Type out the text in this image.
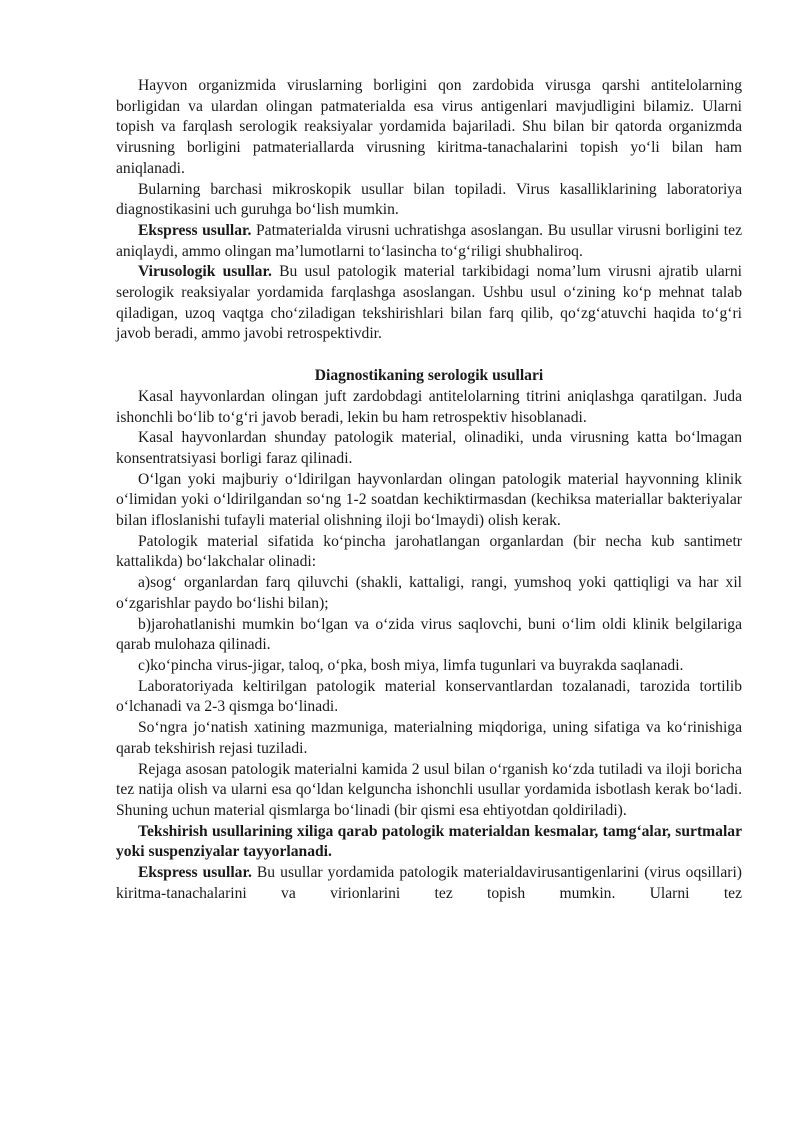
Hayvon organizmida viruslarning borligini qon zardobida virusga qarshi antitelolarning borligidan va ulardan olingan patmaterialda esa virus antigenlari mavjudligini bilamiz. Ularni topish va farqlash serologik reaksiyalar yordamida bajariladi. Shu bilan bir qatorda organizmda virusning borligini patmateriallarda virusning kiritma-tanachalarini topish yo‘li bilan ham aniqlanadi.

Bularning barchasi mikroskopik usullar bilan topiladi. Virus kasalliklarining laboratoriya diagnostikasini uch guruhga bo‘lish mumkin.

Ekspress usullar. Patmaterialda virusni uchratishga asoslangan. Bu usullar virusni borligini tez aniqlaydi, ammo olingan ma’lumotlarni to‘lasincha to‘g‘riligi shubhaliroq.

Virusologik usullar. Bu usul patologik material tarkibidagi noma’lum virusni ajratib ularni serologik reaksiyalar yordamida farqlashga asoslangan. Ushbu usul o‘zining ko‘p mehnat talab qiladigan, uzoq vaqtga cho‘ziladigan tekshirishlari bilan farq qilib, qo‘zg‘atuvchi haqida to‘g‘ri javob beradi, ammo javobi retrospektivdir.

Diagnostikaning serologik usullari

Kasal hayvonlardan olingan juft zardobdagi antitelolarning titrini aniqlashga qaratilgan. Juda ishonchli bo‘lib to‘g‘ri javob beradi, lekin bu ham retrospektiv hisoblanadi.

Kasal hayvonlardan shunday patologik material, olinadiki, unda virusning katta bo‘lmagan konsentratsiyasi borligi faraz qilinadi.

O‘lgan yoki majburiy o‘ldirilgan hayvonlardan olingan patologik material hayvonning klinik o‘limidan yoki o‘ldirilgandan so‘ng 1-2 soatdan kechiktirmasdan (kechiksa materiallar bakteriyalar bilan ifloslanishi tufayli material olishning iloji bo‘lmaydi) olish kerak.

Patologik material sifatida ko‘pincha jarohatlangan organlardan (bir necha kub santimetr kattalikda) bo‘lakchalar olinadi:

a)sog‘ organlardan farq qiluvchi (shakli, kattaligi, rangi, yumshoq yoki qattiqligi va har xil o‘zgarishlar paydo bo‘lishi bilan);

b)jarohatlanishi mumkin bo‘lgan va o‘zida virus saqlovchi, buni o‘lim oldi klinik belgilariga qarab mulohaza qilinadi.

c)ko‘pincha virus-jigar, taloq, o‘pka, bosh miya, limfa tugunlari va buyrakda saqlanadi.

Laboratoriyada keltirilgan patologik material konservantlardan tozalanadi, tarozida tortilib o‘lchanadi va 2-3 qismga bo‘linadi.

So‘ngra jo‘natish xatining mazmuniga, materialning miqdoriga, uning sifatiga va ko‘rinishiga qarab tekshirish rejasi tuziladi.

Rejaga asosan patologik materialni kamida 2 usul bilan o‘rganish ko‘zda tutiladi va iloji boricha tez natija olish va ularni esa qo‘ldan kelguncha ishonchli usullar yordamida isbotlash kerak bo‘ladi. Shuning uchun material qismlarga bo‘linadi (bir qismi esa ehtiyotdan qoldiriladi).

Tekshirish usullarining xiliga qarab patologik materialdan kesmalar, tamg‘alar, surtmalar yoki suspenziyalar tayyorlanadi.

Ekspress usullar. Bu usullar yordamida patologik materialdavirusantigenlarini (virus oqsillari) kiritma-tanachalarini va virionlarini tez topish mumkin. Ularni tez
